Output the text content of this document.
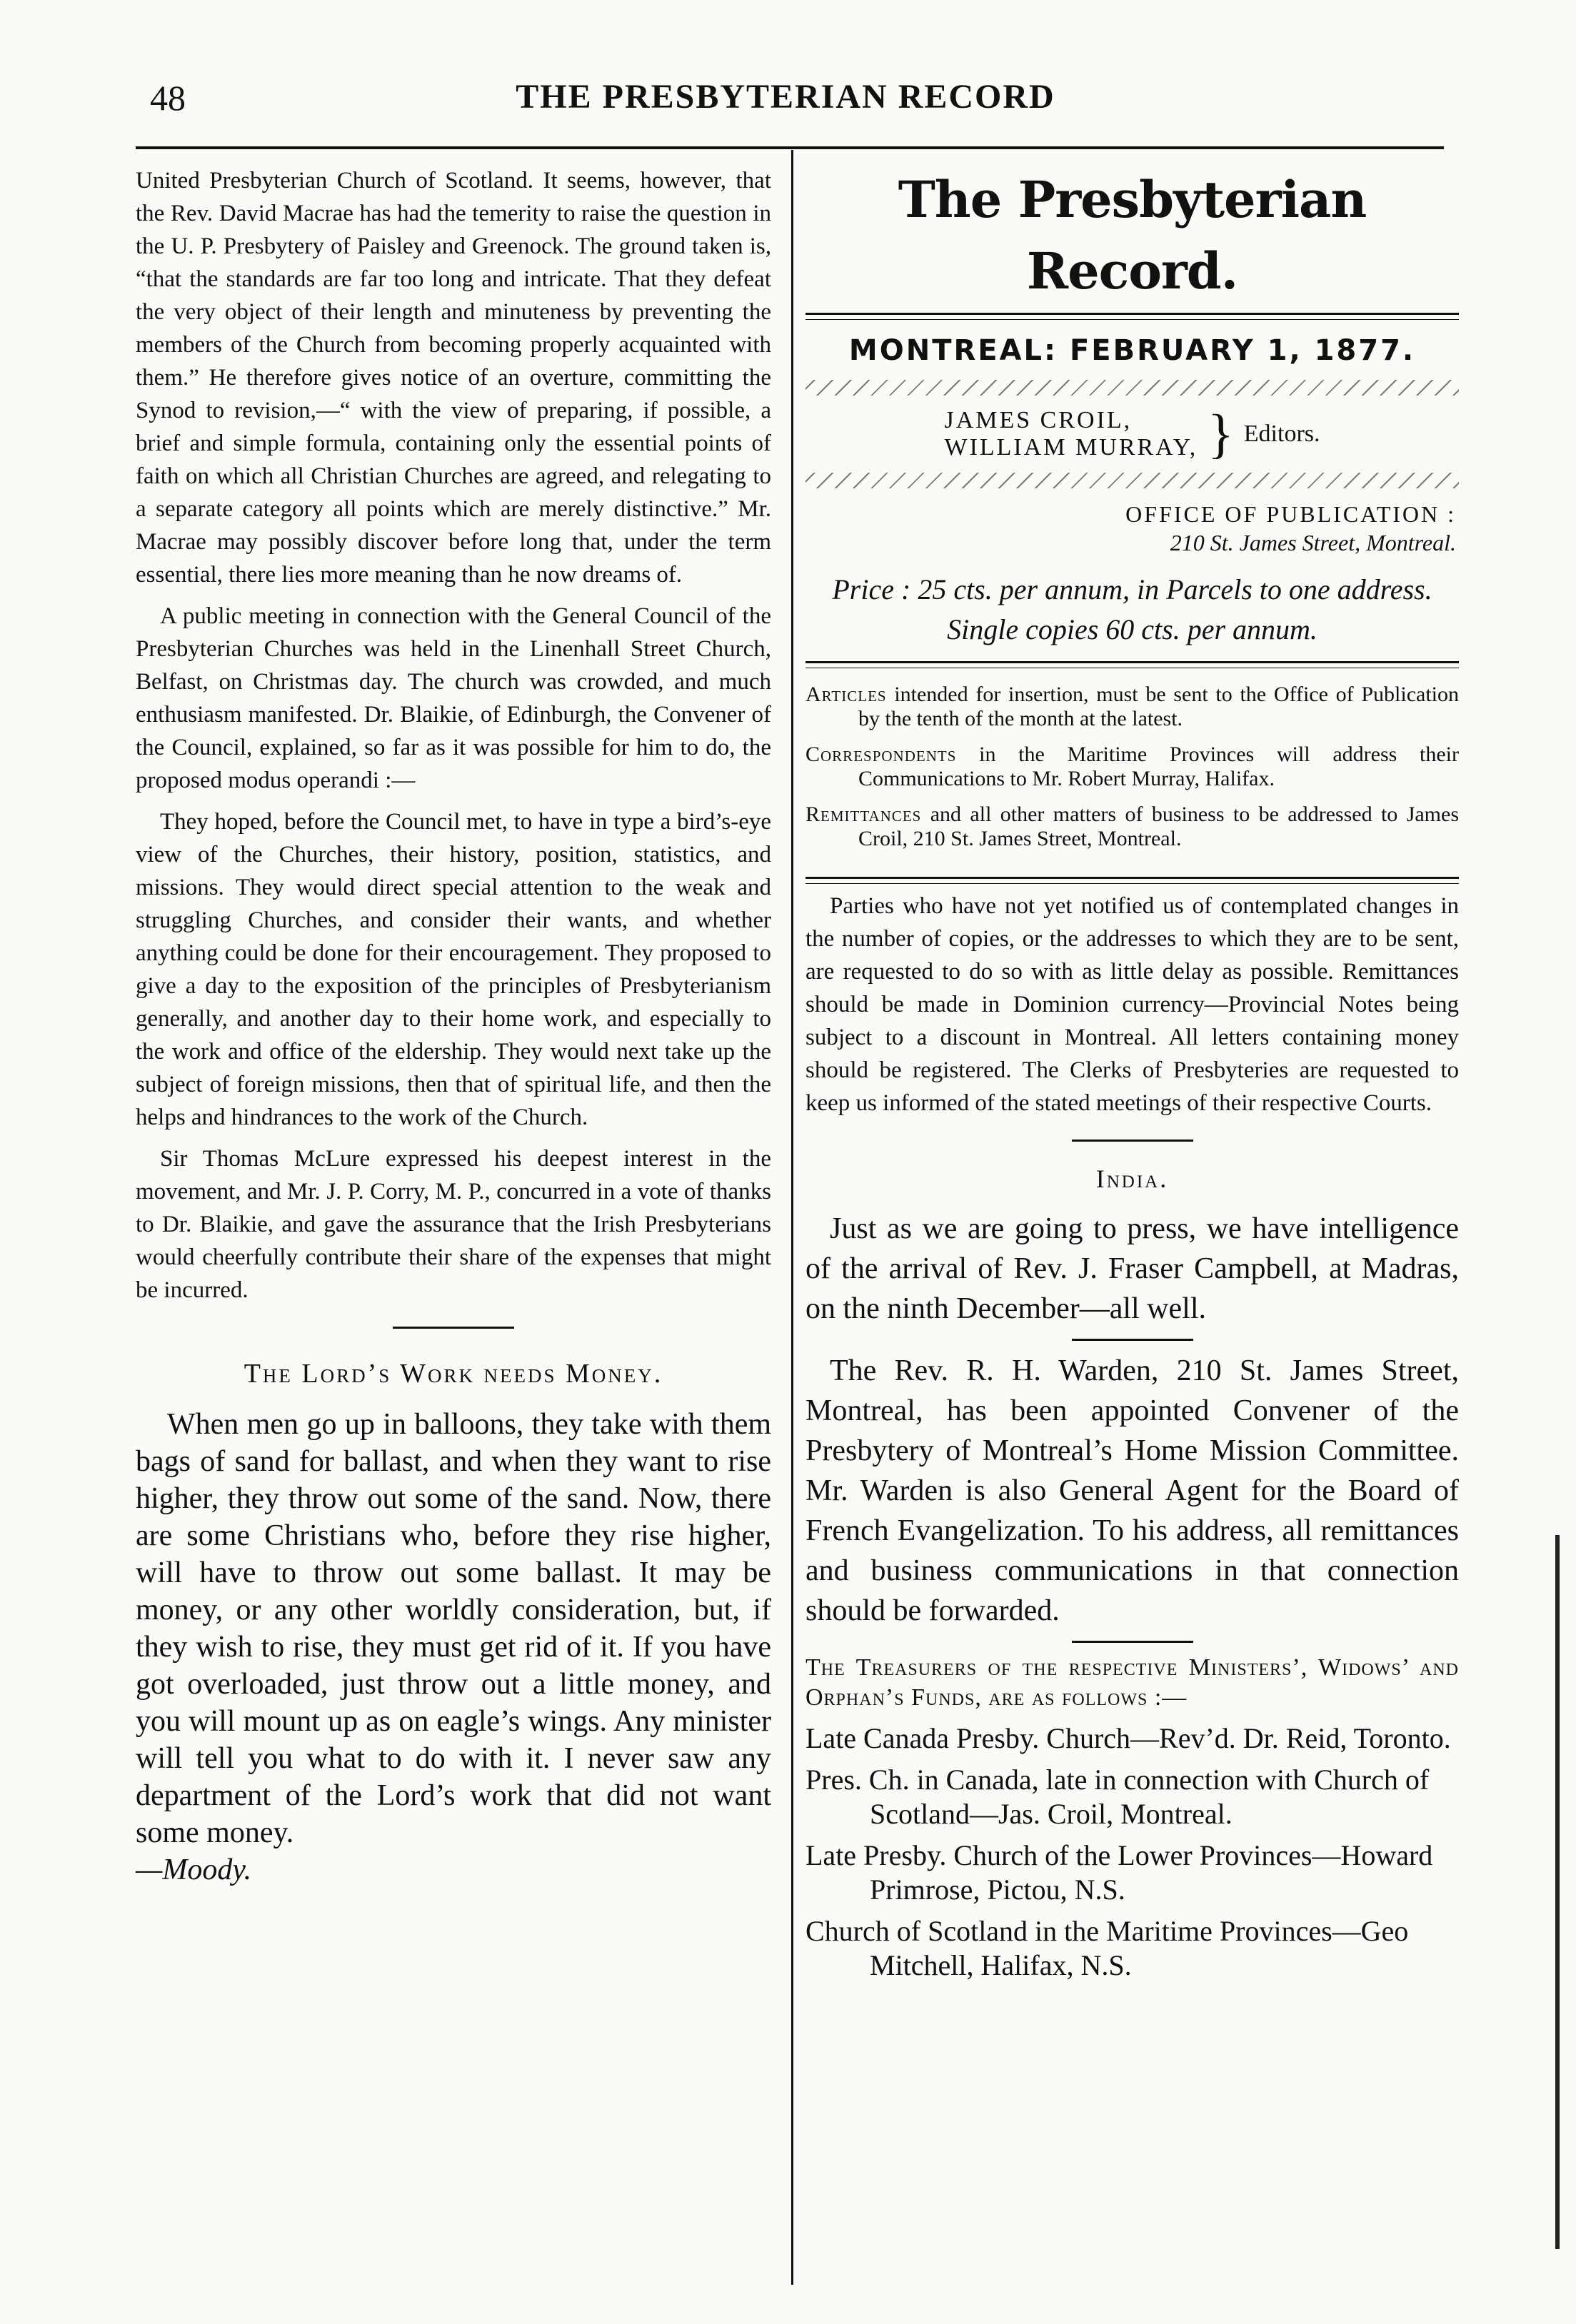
48	THE PRESBYTERIAN RECORD

United Presbyterian Church of Scotland. It seems, however, that the Rev. David Macrae has had the temerity to raise the question in the U. P. Presbytery of Paisley and Greenock. The ground taken is, “that the standards are far too long and intricate. That they defeat the very object of their length and minuteness by preventing the members of the Church from becoming properly acquainted with them.” He therefore gives notice of an overture, committing the Synod to revision,—“ with the view of preparing, if possible, a brief and simple formula, containing only the essential points of faith on which all Christian Churches are agreed, and relegating to a separate category all points which are merely distinctive.” Mr. Macrae may possibly discover before long that, under the term essential, there lies more meaning than he now dreams of.

A public meeting in connection with the General Council of the Presbyterian Churches was held in the Linenhall Street Church, Belfast, on Christmas day. The church was crowded, and much enthusiasm manifested. Dr. Blaikie, of Edinburgh, the Convener of the Council, explained, so far as it was possible for him to do, the proposed modus operandi :—

They hoped, before the Council met, to have in type a bird’s-eye view of the Churches, their history, position, statistics, and missions. They would direct special attention to the weak and struggling Churches, and consider their wants, and whether anything could be done for their encouragement. They proposed to give a day to the exposition of the principles of Presbyterianism generally, and another day to their home work, and especially to the work and office of the eldership. They would next take up the subject of foreign missions, then that of spiritual life, and then the helps and hindrances to the work of the Church.

Sir Thomas McLure expressed his deepest interest in the movement, and Mr. J. P. Corry, M. P., concurred in a vote of thanks to Dr. Blaikie, and gave the assurance that the Irish Presbyterians would cheerfully contribute their share of the expenses that might be incurred.

The Lord’s Work needs Money.

When men go up in balloons, they take with them bags of sand for ballast, and when they want to rise higher, they throw out some of the sand. Now, there are some Christians who, before they rise higher, will have to throw out some ballast. It may be money, or any other worldly consideration, but, if they wish to rise, they must get rid of it. If you have got overloaded, just throw out a little money, and you will mount up as on eagle’s wings. Any minister will tell you what to do with it. I never saw any department of the Lord’s work that did not want some money.

—Moody.
The Presbyterian Record.
MONTREAL: FEBRUARY 1, 1877.
JAMES CROIL,
WILLIAM MURRAY, } Editors.
OFFICE OF PUBLICATION :
210 St. James Street, Montreal.
Price : 25 cts. per annum, in Parcels to one address. Single copies 60 cts. per annum.
Articles intended for insertion, must be sent to the Office of Publication by the tenth of the month at the latest.
Correspondents in the Maritime Provinces will address their Communications to Mr. Robert Murray, Halifax.
Remittances and all other matters of business to be addressed to James Croil, 210 St. James Street, Montreal.

Parties who have not yet notified us of contemplated changes in the number of copies, or the addresses to which they are to be sent, are requested to do so with as little delay as possible. Remittances should be made in Dominion currency—Provincial Notes being subject to a discount in Montreal. All letters containing money should be registered. The Clerks of Presbyteries are requested to keep us informed of the stated meetings of their respective Courts.

India.

Just as we are going to press, we have intelligence of the arrival of Rev. J. Fraser Campbell, at Madras, on the ninth December—all well.

The Rev. R. H. Warden, 210 St. James Street, Montreal, has been appointed Convener of the Presbytery of Montreal’s Home Mission Committee. Mr. Warden is also General Agent for the Board of French Evangelization. To his address, all remittances and business communications in that connection should be forwarded.

The Treasurers of the respective Ministers’, Widows’ and Orphan’s Funds, are as follows :—
Late Canada Presby. Church—Rev’d. Dr. Reid, Toronto.
Pres. Ch. in Canada, late in connection with Church of Scotland—Jas. Croil, Montreal.
Late Presby. Church of the Lower Provinces—Howard Primrose, Pictou, N.S.
Church of Scotland in the Maritime Provinces—Geo Mitchell, Halifax, N.S.
